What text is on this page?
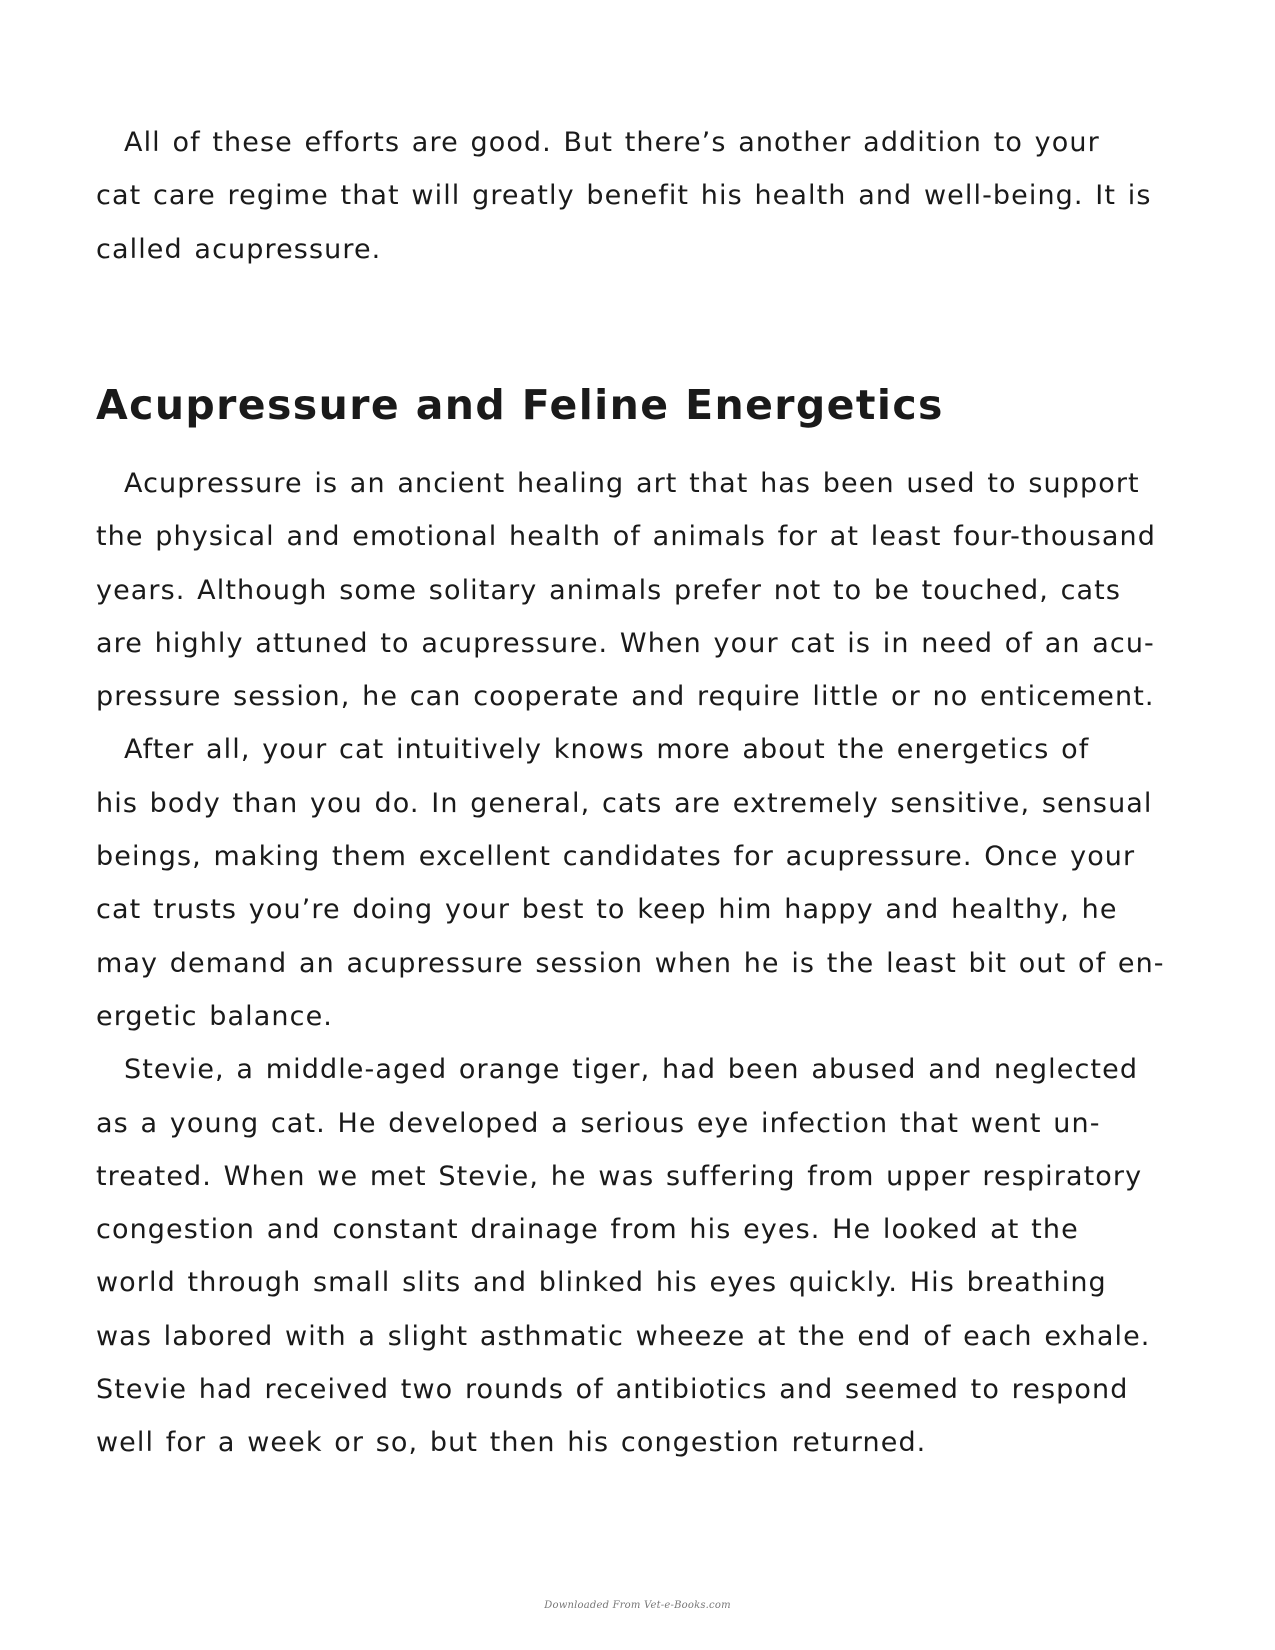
All of these efforts are good. But there’s another addition to your
cat care regime that will greatly benefit his health and well-being. It is
called acupressure.

Acupressure and Feline Energetics

Acupressure is an ancient healing art that has been used to support
the physical and emotional health of animals for at least four-thousand
years. Although some solitary animals prefer not to be touched, cats
are highly attuned to acupressure. When your cat is in need of an acu-
pressure session, he can cooperate and require little or no enticement.
After all, your cat intuitively knows more about the energetics of
his body than you do. In general, cats are extremely sensitive, sensual
beings, making them excellent candidates for acupressure. Once your
cat trusts you’re doing your best to keep him happy and healthy, he
may demand an acupressure session when he is the least bit out of en-
ergetic balance.
Stevie, a middle-aged orange tiger, had been abused and neglected
as a young cat. He developed a serious eye infection that went un-
treated. When we met Stevie, he was suffering from upper respiratory
congestion and constant drainage from his eyes. He looked at the
world through small slits and blinked his eyes quickly. His breathing
was labored with a slight asthmatic wheeze at the end of each exhale.
Stevie had received two rounds of antibiotics and seemed to respond
well for a week or so, but then his congestion returned.

Downloaded From Vet-e-Books.com
